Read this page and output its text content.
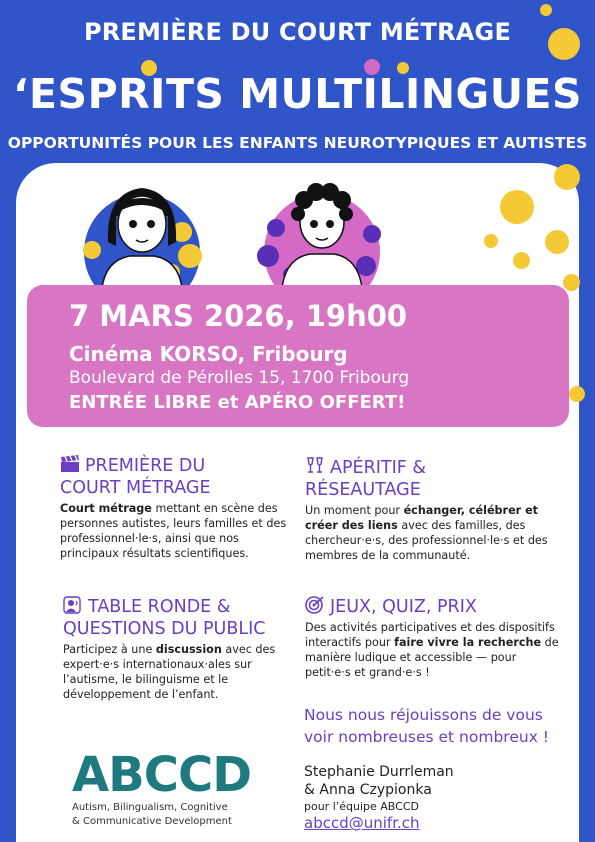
PREMIÈRE DU COURT MÉTRAGE
‘ESPRITS MULTILINGUES
OPPORTUNITÉS POUR LES ENFANTS NEUROTYPIQUES ET AUTISTES
7 MARS 2026, 19h00
Cinéma KORSO, Fribourg
Boulevard de Pérolles 15, 1700 Fribourg
ENTRÉE LIBRE et APÉRO OFFERT!
PREMIÈRE DU
COURT MÉTRAGE
Court métrage mettant en scène des personnes autistes, leurs familles et des professionnel·le·s, ainsi que nos principaux résultats scientifiques.
APÉRITIF &
RÉSEAUTAGE
Un moment pour échanger, célébrer et créer des liens avec des familles, des chercheur·e·s, des professionnel·le·s et des membres de la communauté.
TABLE RONDE &
QUESTIONS DU PUBLIC
Participez à une discussion avec des expert·e·s internationaux·ales sur l’autisme, le bilinguisme et le développement de l’enfant.
JEUX, QUIZ, PRIX
Des activités participatives et des dispositifs interactifs pour faire vivre la recherche de manière ludique et accessible — pour petit·e·s et grand·e·s !
Nous nous réjouissons de vous
voir nombreuses et nombreux !
Stephanie Durrleman
& Anna Czypionka
pour l’équipe ABCCD
abccd@unifr.ch
ABCCD
Autism, Bilingualism, Cognitive
& Communicative Development
